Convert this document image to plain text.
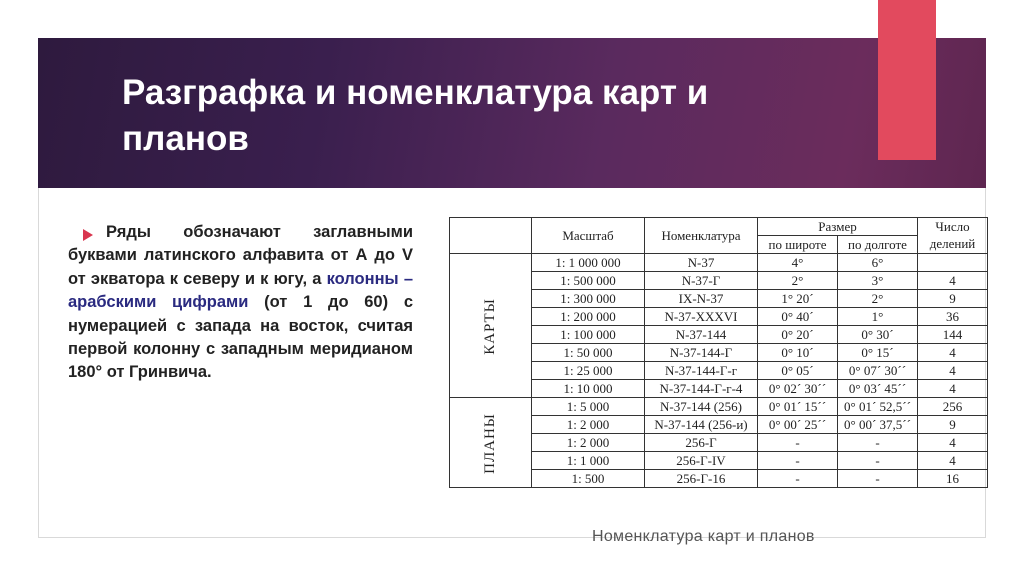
Разграфка и номенклатура карт и планов
Ряды обозначают заглавными буквами латинского алфавита от А до V от экватора к северу и к югу, а колонны – арабскими цифрами (от 1 до 60) с нумерацией с запада на восток, считая первой колонну с западным меридианом 180° от Гринвича.
	Масштаб	Номенклатура	Размер		Число делений
			по широте	по долготе	
КАРТЫ	1: 1 000 000	N-37	4°	6°	
	1: 500 000	N-37-Г	2°	3°	4
	1: 300 000	IX-N-37	1° 20´	2°	9
	1: 200 000	N-37-XXXVI	0° 40´	1°	36
	1: 100 000	N-37-144	0° 20´	0° 30´	144
	1: 50 000	N-37-144-Г	0° 10´	0° 15´	4
	1: 25 000	N-37-144-Г-г	0° 05´	0° 07´ 30´´	4
	1: 10 000	N-37-144-Г-г-4	0° 02´ 30´´	0° 03´ 45´´	4
ПЛАНЫ	1: 5 000	N-37-144 (256)	0° 01´ 15´´	0° 01´ 52,5´´	256
	1: 2 000	N-37-144 (256-и)	0° 00´ 25´´	0° 00´ 37,5´´	9
	1: 2 000	256-Г	-	-	4
	1: 1 000	256-Г-IV	-	-	4
	1: 500	256-Г-16	-	-	16
Номенклатура карт и планов
